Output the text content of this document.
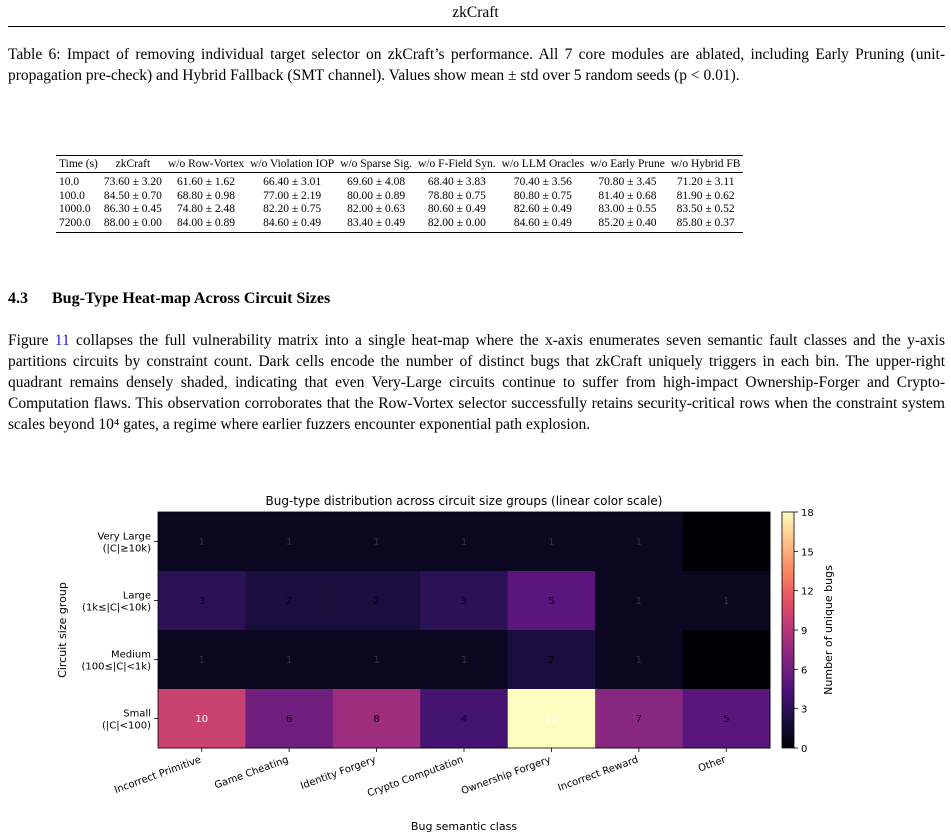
zkCraft
Table 6: Impact of removing individual target selector on zkCraft’s performance. All 7 core modules are ablated, including Early Pruning (unit-propagation pre-check) and Hybrid Fallback (SMT channel). Values show mean ± std over 5 random seeds (p < 0.01).
Time (s)	zkCraft	w/o Row-Vortex	w/o Violation IOP	w/o Sparse Sig.	w/o F-Field Syn.	w/o LLM Oracles	w/o Early Prune	w/o Hybrid FB
10.0	73.60 ± 3.20	61.60 ± 1.62	66.40 ± 3.01	69.60 ± 4.08	68.40 ± 3.83	70.40 ± 3.56	70.80 ± 3.45	71.20 ± 3.11
100.0	84.50 ± 0.70	68.80 ± 0.98	77.00 ± 2.19	80.00 ± 0.89	78.80 ± 0.75	80.80 ± 0.75	81.40 ± 0.68	81.90 ± 0.62
1000.0	86.30 ± 0.45	74.80 ± 2.48	82.20 ± 0.75	82.00 ± 0.63	80.60 ± 0.49	82.60 ± 0.49	83.00 ± 0.55	83.50 ± 0.52
7200.0	88.00 ± 0.00	84.00 ± 0.89	84.60 ± 0.49	83.40 ± 0.49	82.00 ± 0.00	84.60 ± 0.49	85.20 ± 0.40	85.80 ± 0.37
4.3 Bug-Type Heat-map Across Circuit Sizes
Figure 11 collapses the full vulnerability matrix into a single heat-map where the x-axis enumerates seven semantic fault classes and the y-axis partitions circuits by constraint count. Dark cells encode the number of distinct bugs that zkCraft uniquely triggers in each bin. The upper-right quadrant remains densely shaded, indicating that even Very-Large circuits continue to suffer from high-impact Ownership-Forger and Crypto-Computation flaws. This observation corroborates that the Row-Vortex selector successfully retains security-critical rows when the constraint system scales beyond 10⁴ gates, a regime where earlier fuzzers encounter exponential path explosion.
Bug-type distribution across circuit size groups (linear color scale)
1	1	1	1	1	1
3	2	2	3	5	1	1
1	1	1	1	2	1
10	6	8	4	18	7	5
Very Large
(|C|≥10k)
Large
(1k≤|C|<10k)
Medium
(100≤|C|<1k)
Small
(|C|<100)
Incorrect Primitive Game Cheating Identity Forgery
Crypto Computation
Ownership Forgery Incorrect Reward	Other
Bug semantic class
Circuit size group
0
3
6
9
12
15
18
Number of unique bugs
